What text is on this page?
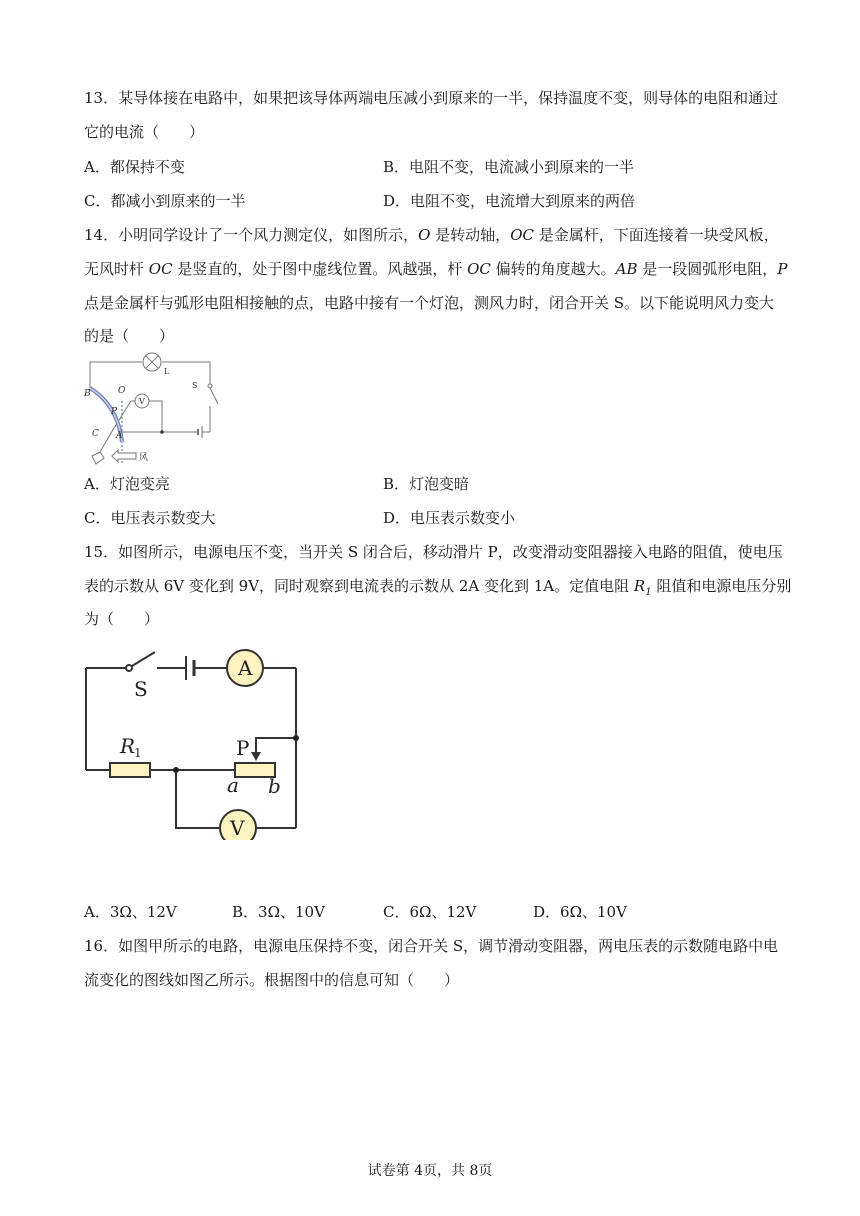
13．某导体接在电路中，如果把该导体两端电压减小到原来的一半，保持温度不变，则导体的电阻和通过
它的电流（　　）
A．都保持不变	B．电阻不变，电流减小到原来的一半
C．都减小到原来的一半	D．电阻不变，电流增大到原来的两倍
14．小明同学设计了一个风力测定仪，如图所示，O 是转动轴，OC 是金属杆，下面连接着一块受风板，
无风时杆 OC 是竖直的，处于图中虚线位置。风越强，杆 OC 偏转的角度越大。AB 是一段圆弧形电阻，P
点是金属杆与弧形电阻相接触的点，电路中接有一个灯泡，测风力时，闭合开关 S。以下能说明风力变大
的是（　　）
B	O
P
C A
L
S
V
风
A．灯泡变亮	B．灯泡变暗
C．电压表示数变大	D．电压表示数变小
15．如图所示，电源电压不变，当开关 S 闭合后，移动滑片 P，改变滑动变阻器接入电路的阻值，使电压
表的示数从 6V 变化到 9V，同时观察到电流表的示数从 2A 变化到 1A。定值电阻 $R_1$ 阻值和电源电压分别
为（　　）
A
V
S
P
R
a b
1
A．3Ω、12V	B．3Ω、10V	C．6Ω、12V	D．6Ω、10V
16．如图甲所示的电路，电源电压保持不变，闭合开关 S，调节滑动变阻器，两电压表的示数随电路中电
流变化的图线如图乙所示。根据图中的信息可知（　　）
试卷第 4页，共 8页
